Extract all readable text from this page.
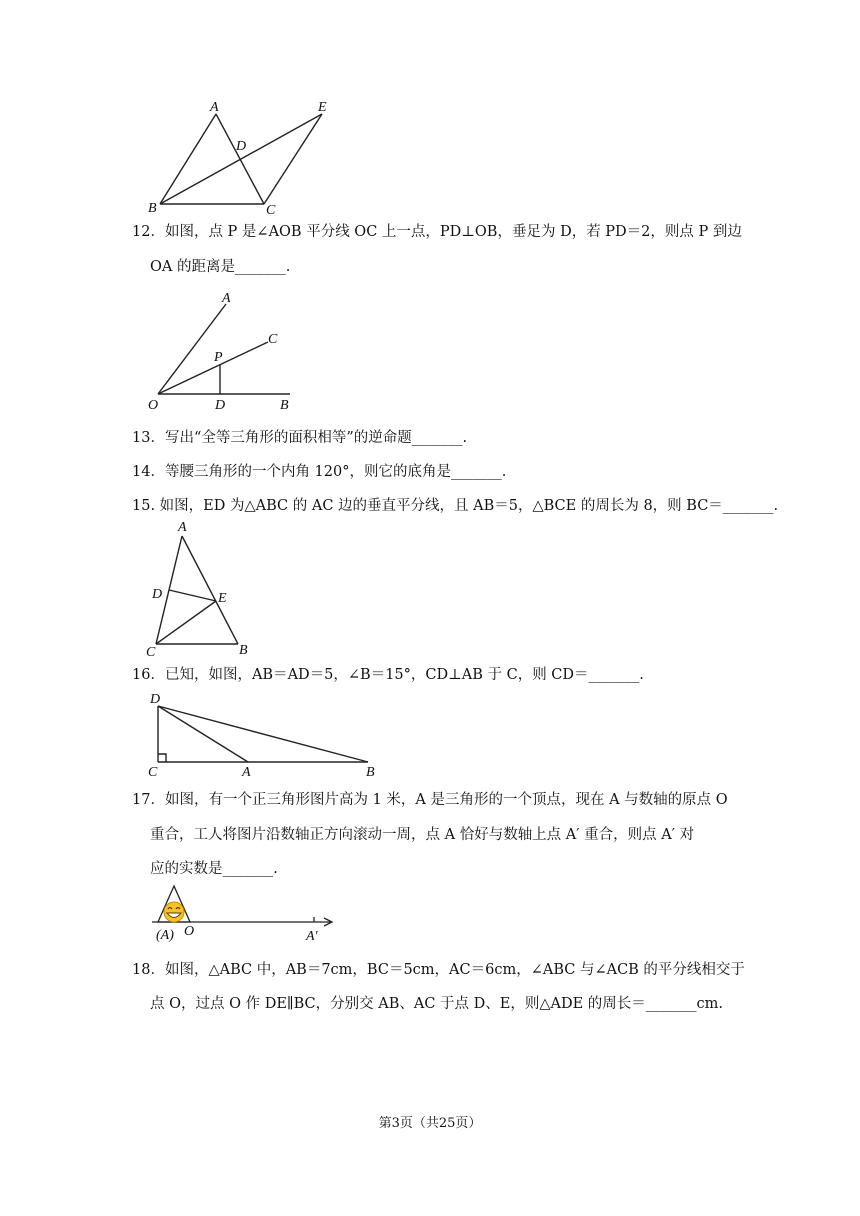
A	E
D
B	C
12．如图，点 P 是∠AOB 平分线 OC 上一点，PD⊥OB，垂足为 D，若 PD＝2，则点 P 到边
OA 的距离是_______.
A
C
P
O	D	B
13．写出“全等三角形的面积相等”的逆命题_______.
14．等腰三角形的一个内角 120°，则它的底角是_______.
15. 如图，ED 为△ABC 的 AC 边的垂直平分线，且 AB＝5，△BCE 的周长为 8，则 BC＝_______.
A
D	E
C	B
16．已知，如图，AB＝AD＝5，∠B＝15°，CD⊥AB 于 C，则 CD＝_______.
D
C	A	B
17．如图，有一个正三角形图片高为 1 米，A 是三角形的一个顶点，现在 A 与数轴的原点 O
重合，工人将图片沿数轴正方向滚动一周，点 A 恰好与数轴上点 A′ 重合，则点 A′ 对
应的实数是_______.
(A) O	A′
18．如图，△ABC 中，AB＝7cm，BC＝5cm，AC＝6cm，∠ABC 与∠ACB 的平分线相交于
点 O，过点 O 作 DE∥BC，分别交 AB、AC 于点 D、E，则△ADE 的周长＝_______cm.
第3页（共25页）
